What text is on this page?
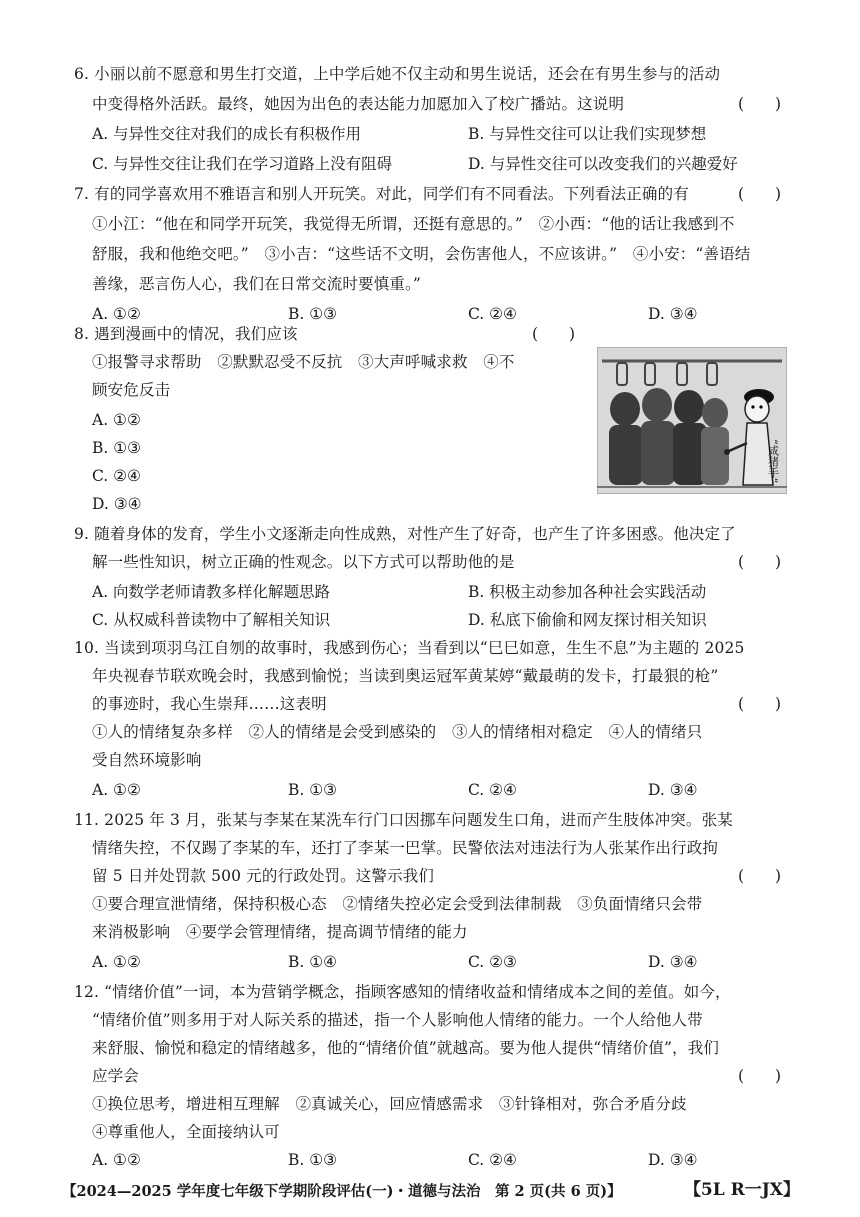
6. 小丽以前不愿意和男生打交道，上中学后她不仅主动和男生说话，还会在有男生参与的活动
中变得格外活跃。最终，她因为出色的表达能力加愿加入了校广播站。这说明	(　　)
A. 与异性交往对我们的成长有积极作用	B. 与异性交往可以让我们实现梦想
C. 与异性交往让我们在学习道路上没有阻碍	D. 与异性交往可以改变我们的兴趣爱好
7. 有的同学喜欢用不雅语言和别人开玩笑。对此，同学们有不同看法。下列看法正确的有	(　　)
①小江：“他在和同学开玩笑，我觉得无所谓，还挺有意思的。”　②小西：“他的话让我感到不
舒服，我和他绝交吧。”　③小吉：“这些话不文明，会伤害他人，不应该讲。”　④小安：“善语结
善缘，恶言伤人心，我们在日常交流时要慎重。”
A. ①②	B. ①③	C. ②④	D. ③④
8. 遇到漫画中的情况，我们应该	(　　)
①报警寻求帮助　②默默忍受不反抗　③大声呼喊求救　④不
顾安危反击
A. ①②
B. ①③
C. ②④
D. ③④
“咸猪手”
9. 随着身体的发育，学生小文逐渐走向性成熟，对性产生了好奇，也产生了许多困惑。他决定了
解一些性知识，树立正确的性观念。以下方式可以帮助他的是	(　　)
A. 向数学老师请教多样化解题思路	B. 积极主动参加各种社会实践活动
C. 从权威科普读物中了解相关知识	D. 私底下偷偷和网友探讨相关知识
10. 当读到项羽乌江自刎的故事时，我感到伤心；当看到以“巳巳如意，生生不息”为主题的 2025
年央视春节联欢晚会时，我感到愉悦；当读到奥运冠军黄某婷“戴最萌的发卡，打最狠的枪”
的事迹时，我心生崇拜……这表明	(　　)
①人的情绪复杂多样　②人的情绪是会受到感染的　③人的情绪相对稳定　④人的情绪只
受自然环境影响
A. ①②	B. ①③	C. ②④	D. ③④
11. 2025 年 3 月，张某与李某在某洗车行门口因挪车问题发生口角，进而产生肢体冲突。张某
情绪失控，不仅踢了李某的车，还打了李某一巴掌。民警依法对违法行为人张某作出行政拘
留 5 日并处罚款 500 元的行政处罚。这警示我们	(　　)
①要合理宣泄情绪，保持积极心态　②情绪失控必定会受到法律制裁　③负面情绪只会带
来消极影响　④要学会管理情绪，提高调节情绪的能力
A. ①②	B. ①④	C. ②③	D. ③④
12. “情绪价值”一词，本为营销学概念，指顾客感知的情绪收益和情绪成本之间的差值。如今，
“情绪价值”则多用于对人际关系的描述，指一个人影响他人情绪的能力。一个人给他人带
来舒服、愉悦和稳定的情绪越多，他的“情绪价值”就越高。要为他人提供“情绪价值”，我们
应学会	(　　)
①换位思考，增进相互理解　②真诚关心，回应情感需求　③针锋相对，弥合矛盾分歧
④尊重他人，全面接纳认可
A. ①②	B. ①③	C. ②④	D. ③④
【2024—2025 学年度七年级下学期阶段评估(一)・道德与法治　第 2 页(共 6 页)】	【5L R一JX】
